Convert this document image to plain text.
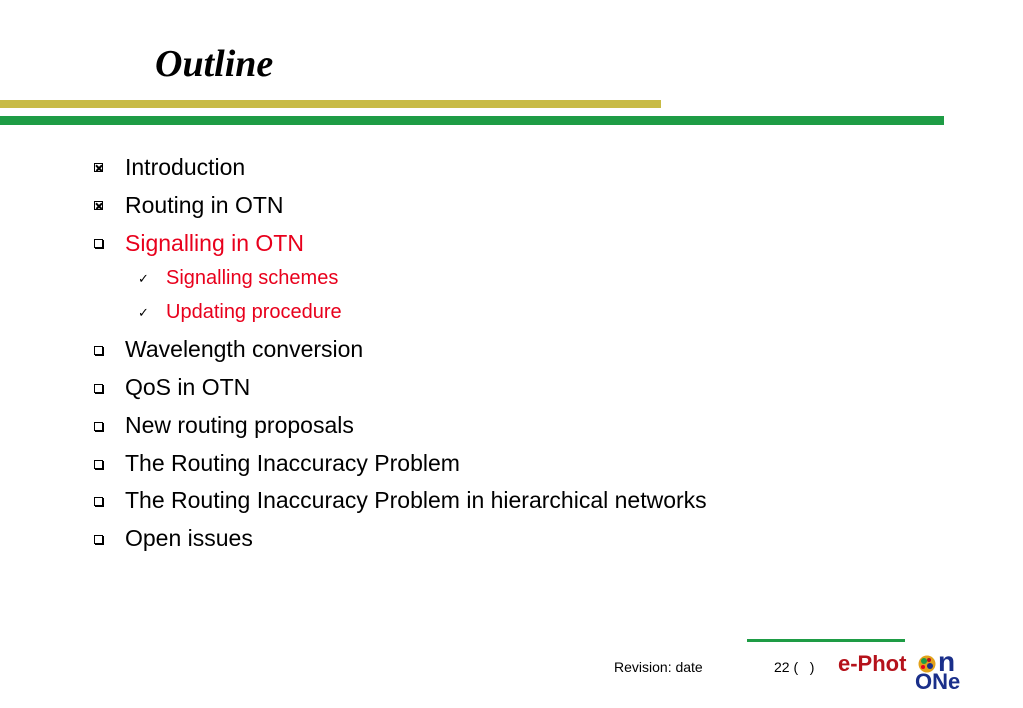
Outline
Introduction
Routing in OTN
Signalling in OTN
✓ Signalling schemes
✓ Updating procedure
Wavelength conversion
QoS in OTN
New routing proposals
The Routing Inaccuracy Problem
The Routing Inaccuracy Problem in hierarchical networks
Open issues
Revision: date	22 (   ) e-Phot n
ONe
